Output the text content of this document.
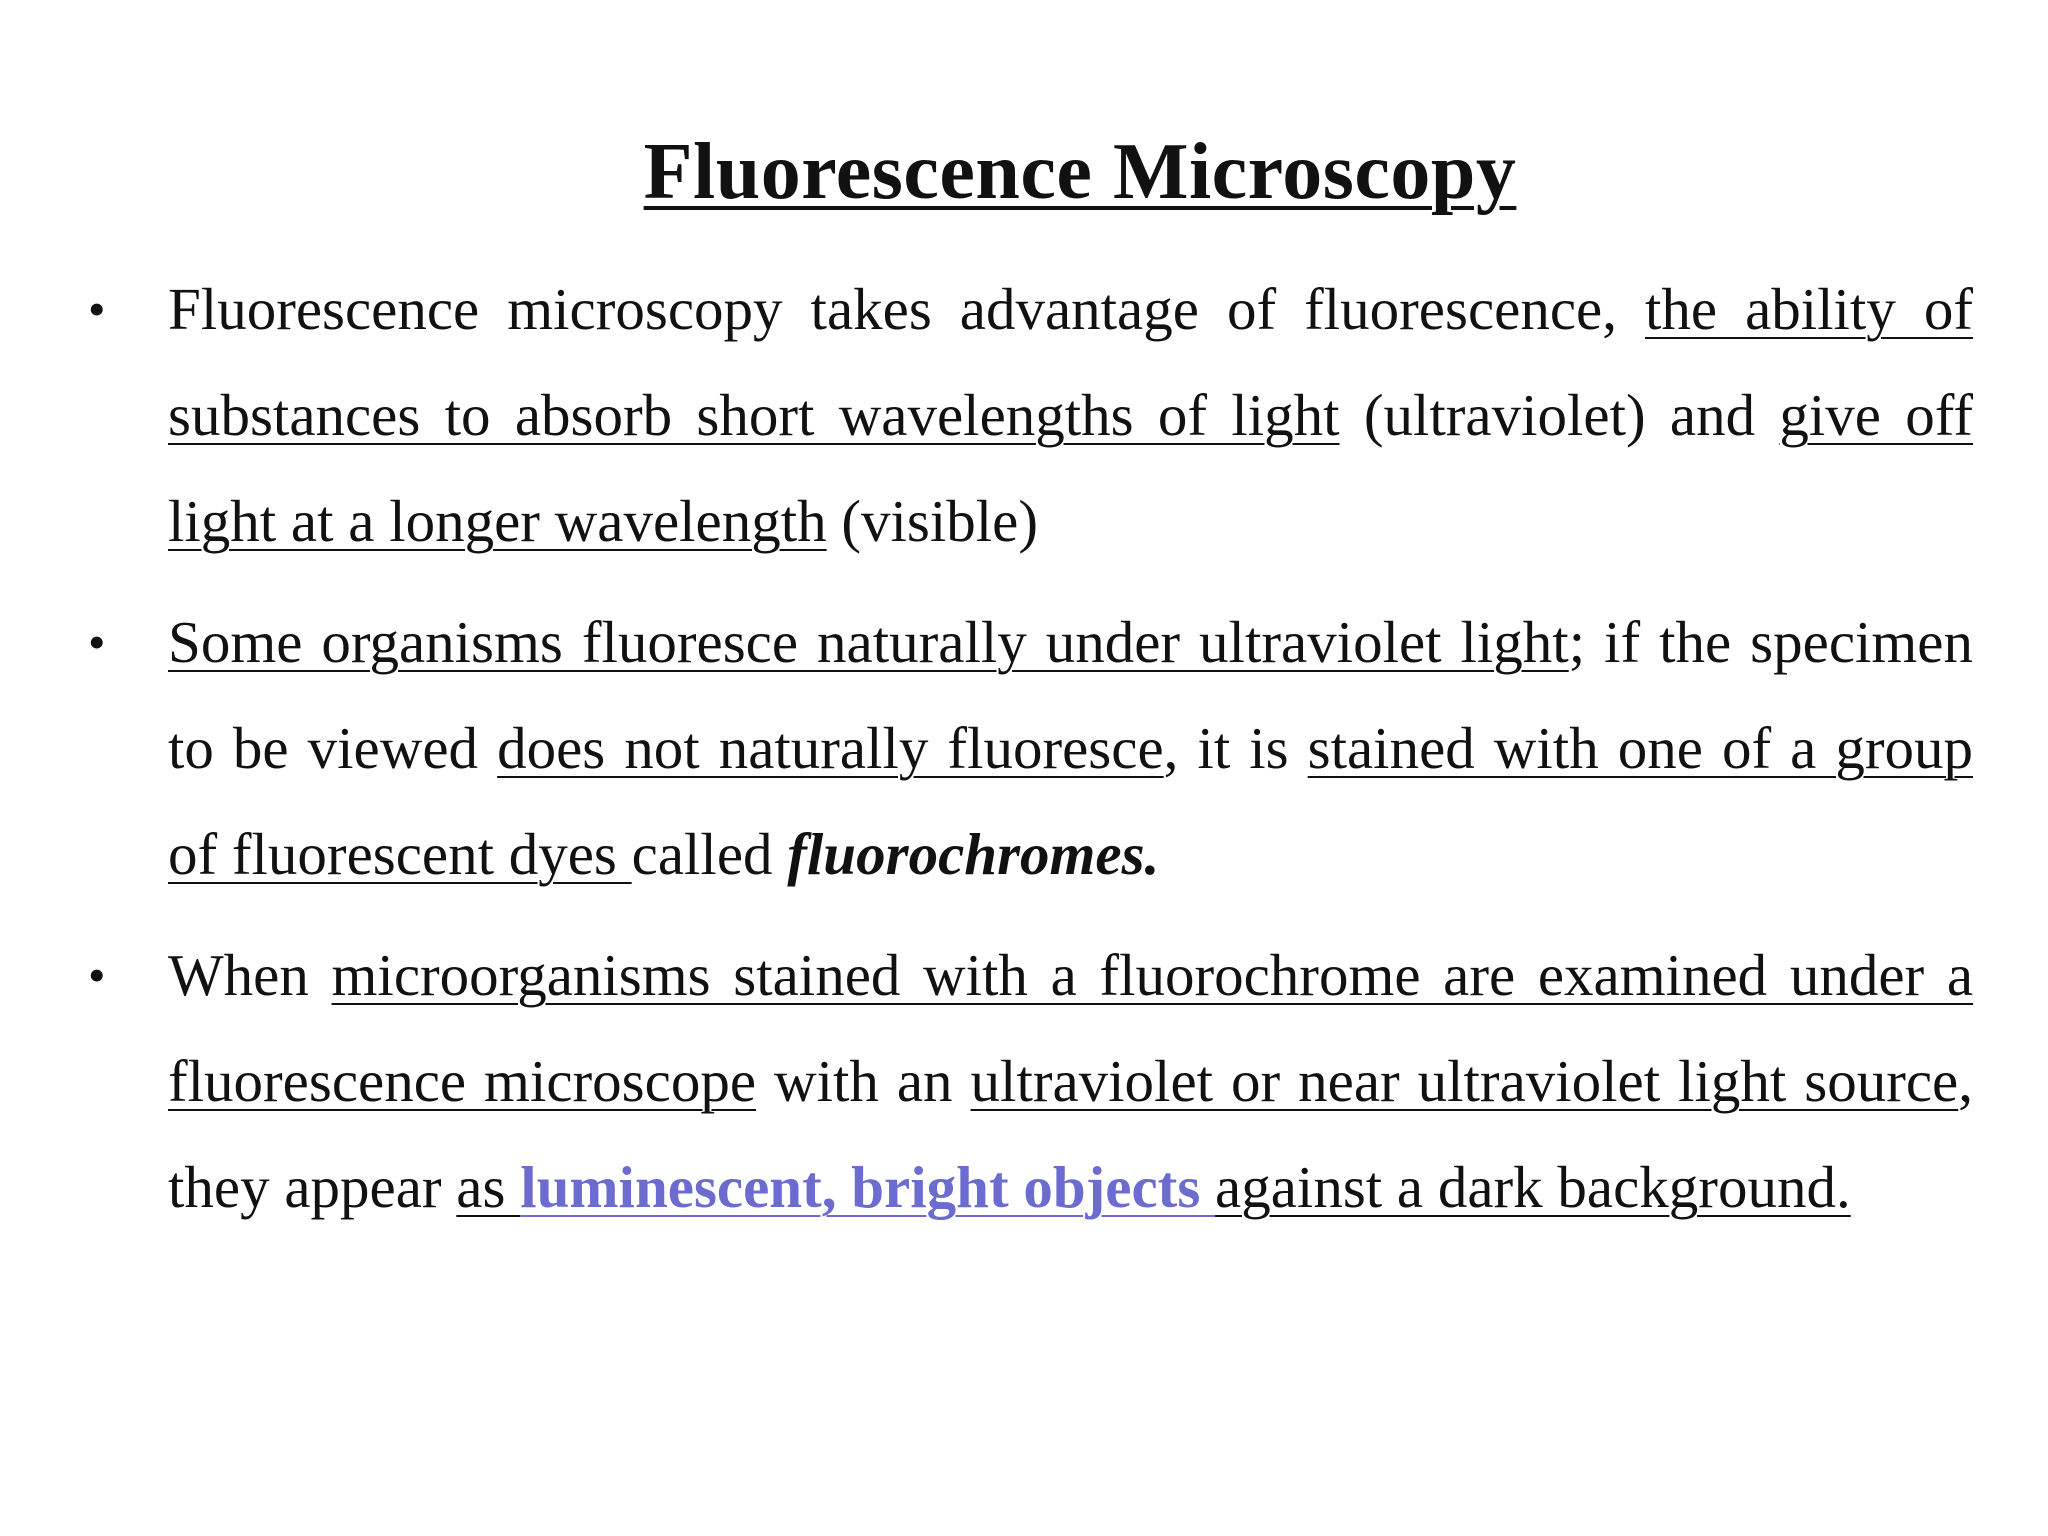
Fluorescence Microscopy
• Fluorescence microscopy takes advantage of fluorescence, the ability of substances to absorb short wavelengths of light (ultraviolet) and give off light at a longer wavelength (visible)
• Some organisms fluoresce naturally under ultraviolet light; if the specimen to be viewed does not naturally fluoresce, it is stained with one of a group of fluorescent dyes called fluorochromes.
• When microorganisms stained with a fluorochrome are examined under a fluorescence microscope with an ultraviolet or near ultraviolet light source, they appear as luminescent, bright objects against a dark background.
